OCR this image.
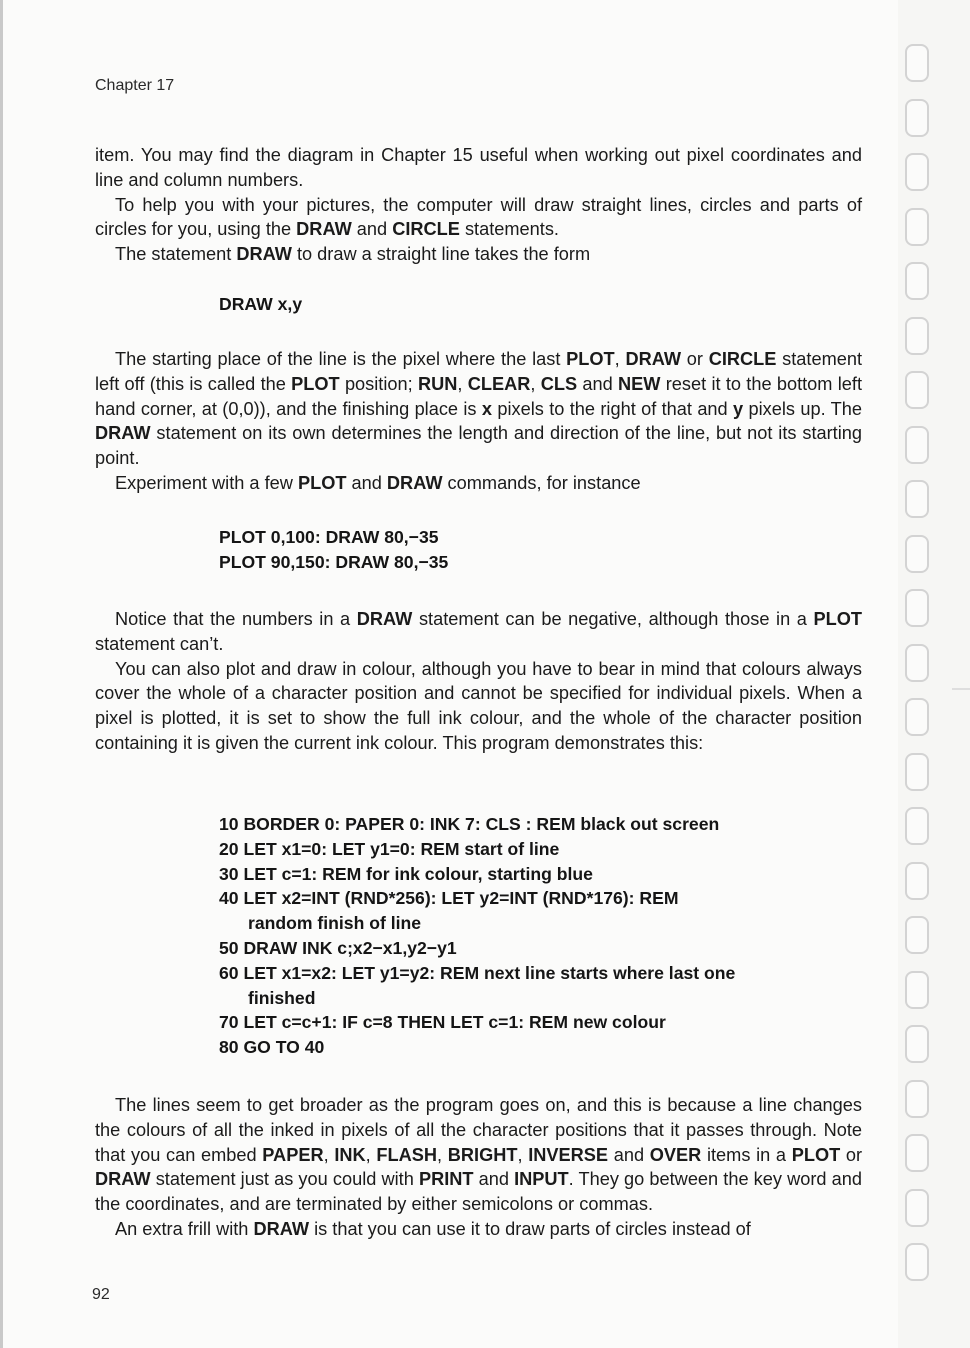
Chapter 17

item. You may find the diagram in Chapter 15 useful when working out pixel coordinates and line and column numbers.

To help you with your pictures, the computer will draw straight lines, circles and parts of circles for you, using the DRAW and CIRCLE statements.

The statement DRAW to draw a straight line takes the form

DRAW x,y

The starting place of the line is the pixel where the last PLOT, DRAW or CIRCLE statement left off (this is called the PLOT position; RUN, CLEAR, CLS and NEW reset it to the bottom left hand corner, at (0,0)), and the finishing place is x pixels to the right of that and y pixels up. The DRAW statement on its own determines the length and direction of the line, but not its starting point.

Experiment with a few PLOT and DRAW commands, for instance

PLOT 0,100: DRAW 80,−35
PLOT 90,150: DRAW 80,−35

Notice that the numbers in a DRAW statement can be negative, although those in a PLOT statement can’t.

You can also plot and draw in colour, although you have to bear in mind that colours always cover the whole of a character position and cannot be specified for individual pixels. When a pixel is plotted, it is set to show the full ink colour, and the whole of the character position containing it is given the current ink colour. This program demonstrates this:

10 BORDER 0: PAPER 0: INK 7: CLS : REM black out screen
20 LET x1=0: LET y1=0: REM start of line
30 LET c=1: REM for ink colour, starting blue
40 LET x2=INT (RND*256): LET y2=INT (RND*176): REM
random finish of line
50 DRAW INK c;x2−x1,y2−y1
60 LET x1=x2: LET y1=y2: REM next line starts where last one
finished
70 LET c=c+1: IF c=8 THEN LET c=1: REM new colour
80 GO TO 40

The lines seem to get broader as the program goes on, and this is because a line changes the colours of all the inked in pixels of all the character positions that it passes through. Note that you can embed PAPER, INK, FLASH, BRIGHT, INVERSE and OVER items in a PLOT or DRAW statement just as you could with PRINT and INPUT. They go between the key word and the coordinates, and are terminated by either semicolons or commas.

An extra frill with DRAW is that you can use it to draw parts of circles instead of

92
